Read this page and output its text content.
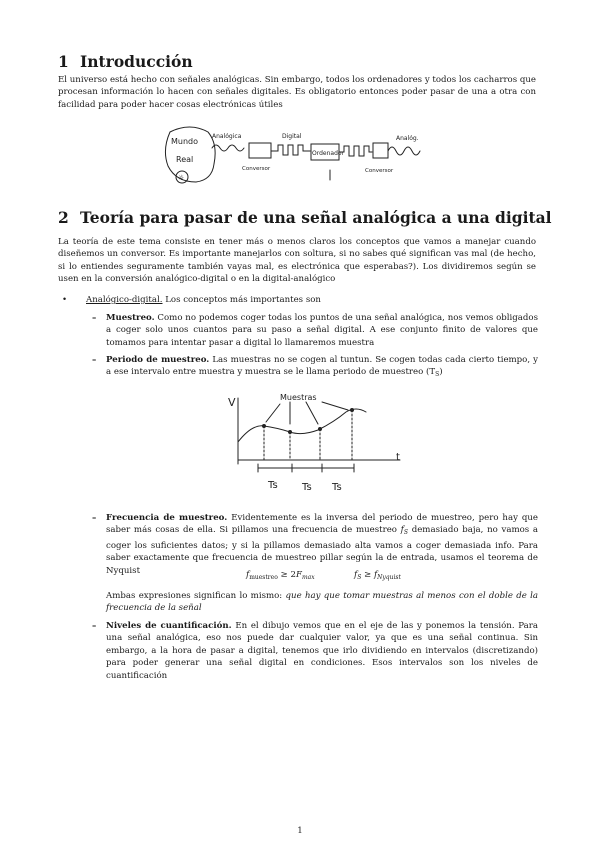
1 Introducción

El universo está hecho con señales analógicas. Sin embargo, todos los ordenadores y todos los cacharros que procesan información lo hacen con señales digitales. Es obligatorio entonces poder pasar de una a otra con facilidad para poder hacer cosas electrónicas útiles

Mundo
Real
☼
Analógica
Conversor
Digital
Ordenador
Analóg.
Conversor
2 Teoría para pasar de una señal analógica a una digital

La teoría de este tema consiste en tener más o menos claros los conceptos que vamos a manejar cuando diseñemos un conversor. Es importante manejarlos con soltura, si no sabes qué significan vas mal (de hecho, si lo entiendes seguramente también vayas mal, es electrónica que esperabas?). Los dividiremos según se usen en la conversión analógico-digital o en la digital-analógico

• Analógico-digital. Los conceptos más importantes son
– Muestreo. Como no podemos coger todas los puntos de una señal analógica, nos vemos obligados a coger solo unos cuantos para su paso a señal digital. A ese conjunto finito de valores que tomamos para intentar pasar a digital lo llamaremos muestra

– Periodo de muestreo. Las muestras no se cogen al tuntun. Se cogen todas cada cierto tiempo, y a ese intervalo entre muestra y muestra se le llama periodo de muestreo $(T_S)$

V
t
Muestras
Ts Ts Ts
– Frecuencia de muestreo. Evidentemente es la inversa del periodo de muestreo, pero hay que saber más cosas de ella. Si pillamos una frecuencia de muestreo $f_S$ demasiado baja, no vamos a coger los suficientes datos; y si la pillamos demasiado alta vamos a coger demasiada info. Para saber exactamente que frecuencia de muestreo pillar según la de entrada, usamos el teorema de Nyquist	$f_{muestreo} \ge 2F_{max}$	$f_S \ge f_{Nyquist}$

Ambas expresiones significan lo mismo: que hay que tomar muestras al menos con el doble de la frecuencia de la señal

– Niveles de cuantificación. En el dibujo vemos que en el eje de las y ponemos la tensión. Para una señal analógica, eso nos puede dar cualquier valor, ya que es una señal continua. Sin embargo, a la hora de pasar a digital, tenemos que irlo dividiendo en intervalos (discretizando) para poder generar una señal digital en condiciones. Esos intervalos son los niveles de cuantificación

1
